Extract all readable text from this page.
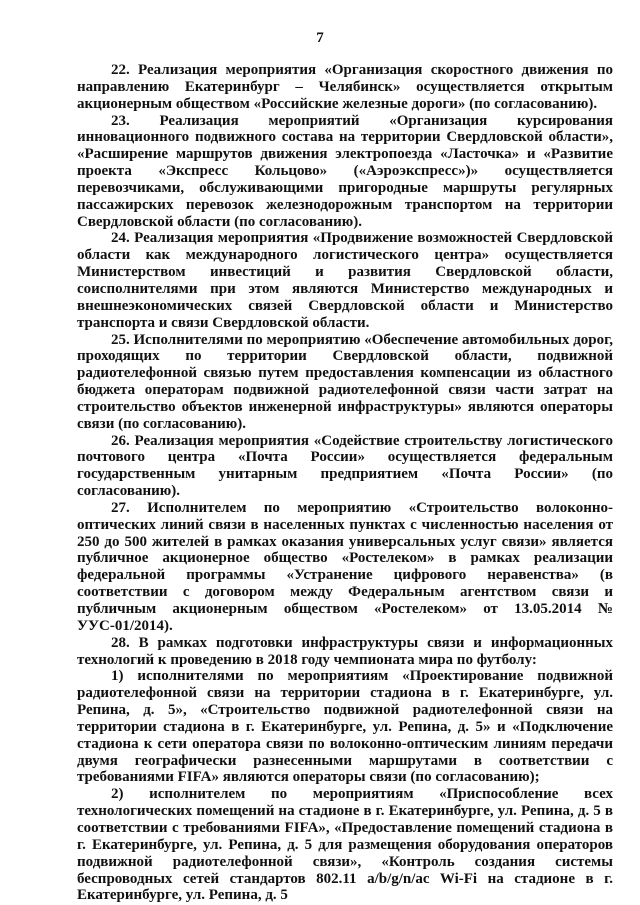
7

22. Реализация мероприятия «Организация скоростного движения по направлению Екатеринбург – Челябинск» осуществляется открытым акционерным обществом «Российские железные дороги» (по согласованию).

23. Реализация мероприятий «Организация курсирования инновационного подвижного состава на территории Свердловской области», «Расширение маршрутов движения электропоезда «Ласточка» и «Развитие проекта «Экспресс Кольцово» («Аэроэкспресс»)» осуществляется перевозчиками, обслуживающими пригородные маршруты регулярных пассажирских перевозок железнодорожным транспортом на территории Свердловской области (по согласованию).

24. Реализация мероприятия «Продвижение возможностей Свердловской области как международного логистического центра» осуществляется Министерством инвестиций и развития Свердловской области, соисполнителями при этом являются Министерство международных и внешнеэкономических связей Свердловской области и Министерство транспорта и связи Свердловской области.

25. Исполнителями по мероприятию «Обеспечение автомобильных дорог, проходящих по территории Свердловской области, подвижной радиотелефонной связью путем предоставления компенсации из областного бюджета операторам подвижной радиотелефонной связи части затрат на строительство объектов инженерной инфраструктуры» являются операторы связи (по согласованию).

26. Реализация мероприятия «Содействие строительству логистического почтового центра «Почта России» осуществляется федеральным государственным унитарным предприятием «Почта России» (по согласованию).

27. Исполнителем по мероприятию «Строительство волоконно-оптических линий связи в населенных пунктах с численностью населения от 250 до 500 жителей в рамках оказания универсальных услуг связи» является публичное акционерное общество «Ростелеком» в рамках реализации федеральной программы «Устранение цифрового неравенства» (в соответствии с договором между Федеральным агентством связи и публичным акционерным обществом «Ростелеком» от 13.05.2014 № УУС-01/2014).

28. В рамках подготовки инфраструктуры связи и информационных технологий к проведению в 2018 году чемпионата мира по футболу:

1) исполнителями по мероприятиям «Проектирование подвижной радиотелефонной связи на территории стадиона в г. Екатеринбурге, ул. Репина, д. 5», «Строительство подвижной радиотелефонной связи на территории стадиона в г. Екатеринбурге, ул. Репина, д. 5» и «Подключение стадиона к сети оператора связи по волоконно-оптическим линиям передачи двумя географически разнесенными маршрутами в соответствии с требованиями FIFA» являются операторы связи (по согласованию);

2) исполнителем по мероприятиям «Приспособление всех технологических помещений на стадионе в г. Екатеринбурге, ул. Репина, д. 5 в соответствии с требованиями FIFA», «Предоставление помещений стадиона в г. Екатеринбурге, ул. Репина, д. 5 для размещения оборудования операторов подвижной радиотелефонной связи», «Контроль создания системы беспроводных сетей стандартов 802.11 a/b/g/n/ac Wi-Fi на стадионе в г. Екатеринбурге, ул. Репина, д. 5
